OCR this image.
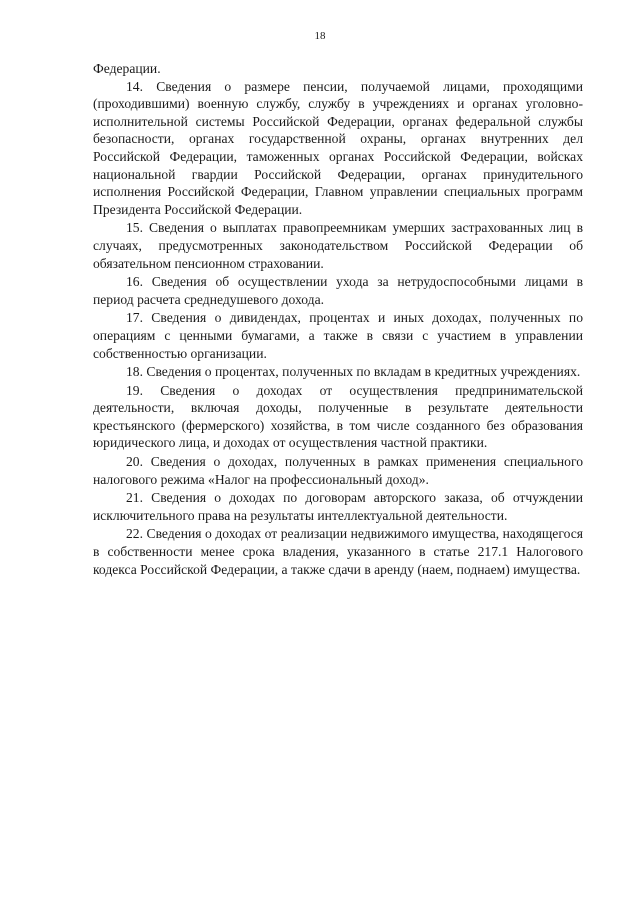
18

Федерации.

14. Сведения о размере пенсии, получаемой лицами, проходящими (проходившими) военную службу, службу в учреждениях и органах уголовно-исполнительной системы Российской Федерации, органах федеральной службы безопасности, органах государственной охраны, органах внутренних дел Российской Федерации, таможенных органах Российской Федерации, войсках национальной гвардии Российской Федерации, органах принудительного исполнения Российской Федерации, Главном управлении специальных программ Президента Российской Федерации.

15. Сведения о выплатах правопреемникам умерших застрахованных лиц в случаях, предусмотренных законодательством Российской Федерации об обязательном пенсионном страховании.

16. Сведения об осуществлении ухода за нетрудоспособными лицами в период расчета среднедушевого дохода.

17. Сведения о дивидендах, процентах и иных доходах, полученных по операциям с ценными бумагами, а также в связи с участием в управлении собственностью организации.

18. Сведения о процентах, полученных по вкладам в кредитных учреждениях.

19. Сведения о доходах от осуществления предпринимательской деятельности, включая доходы, полученные в результате деятельности крестьянского (фермерского) хозяйства, в том числе созданного без образования юридического лица, и доходах от осуществления частной практики.

20. Сведения о доходах, полученных в рамках применения специального налогового режима «Налог на профессиональный доход».

21. Сведения о доходах по договорам авторского заказа, об отчуждении исключительного права на результаты интеллектуальной деятельности.

22. Сведения о доходах от реализации недвижимого имущества, находящегося в собственности менее срока владения, указанного в статье 217.1 Налогового кодекса Российской Федерации, а также сдачи в аренду (наем, поднаем) имущества.
